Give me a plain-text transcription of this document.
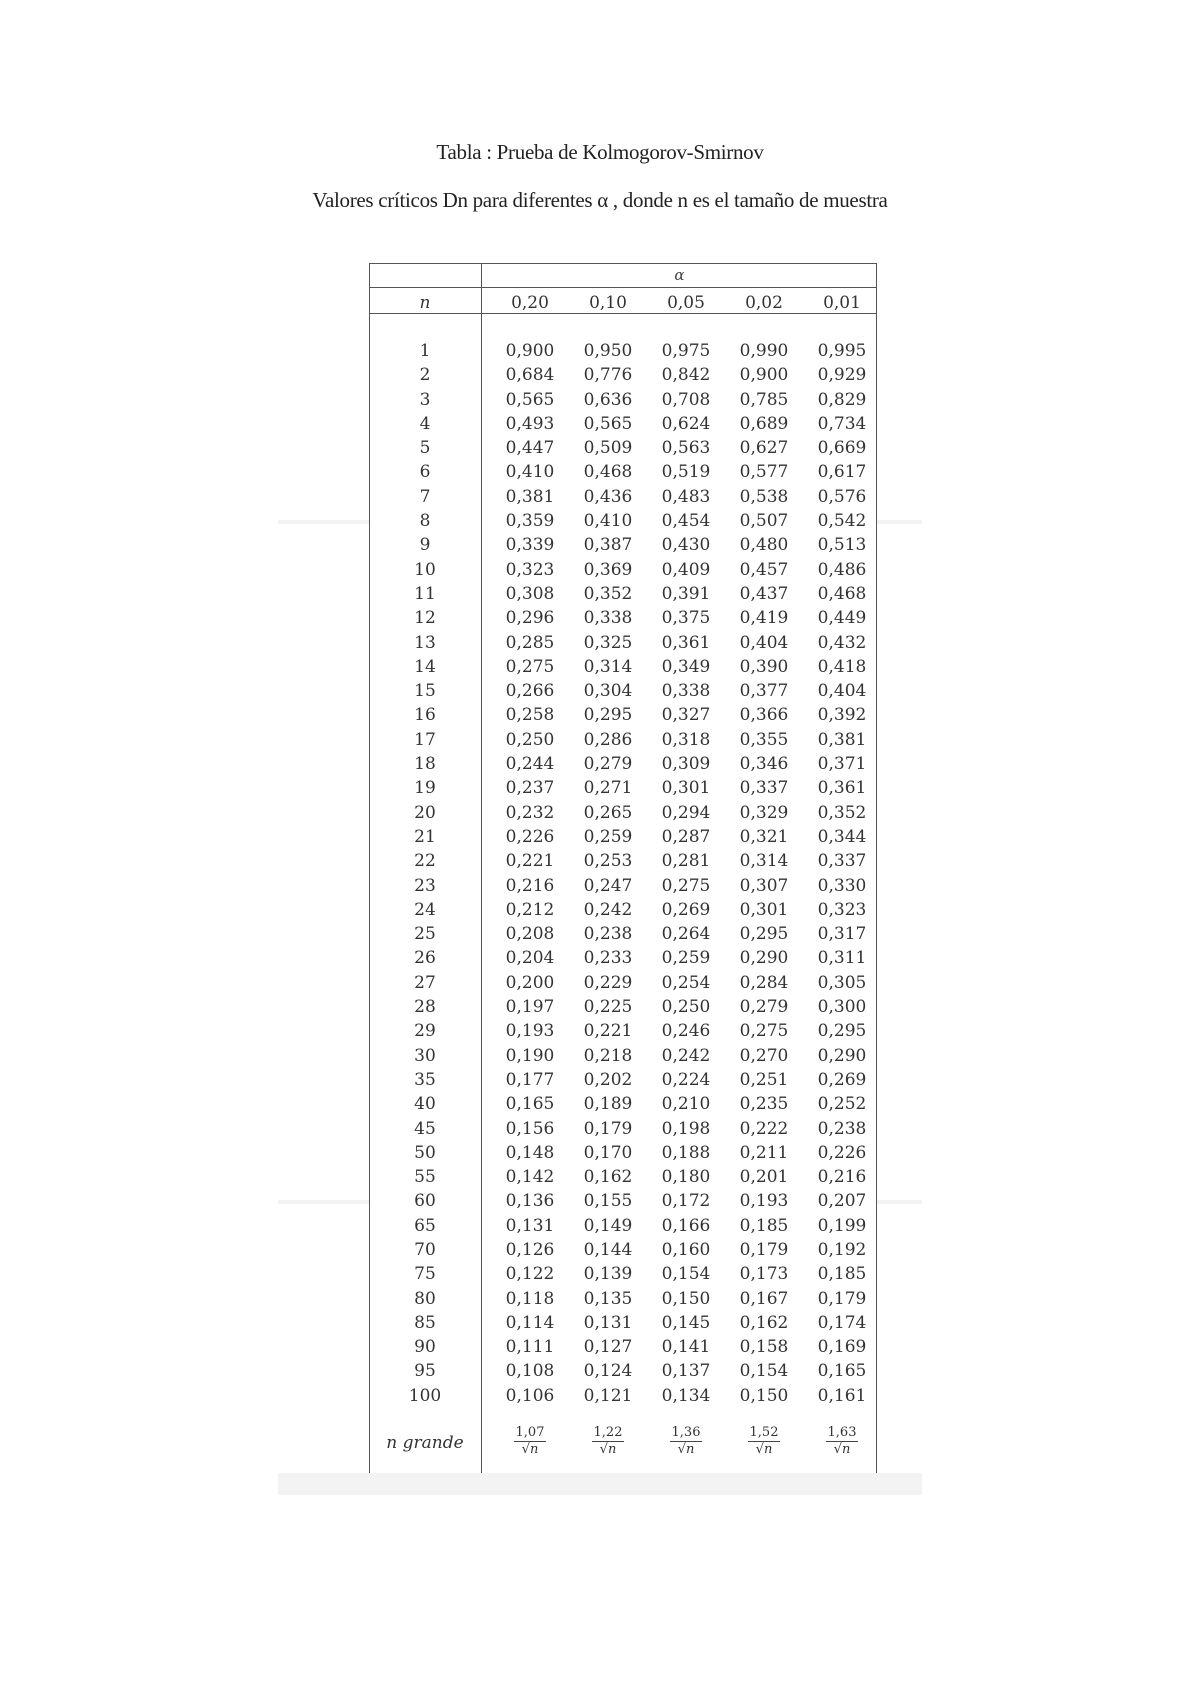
Tabla : Prueba de Kolmogorov-Smirnov
Valores críticos Dn para diferentes α , donde n es el tamaño de muestra
α
n	0,20	0,10	0,05	0,02	0,01
1	0,900	0,950	0,975	0,990	0,995
2	0,684	0,776	0,842	0,900	0,929
3	0,565	0,636	0,708	0,785	0,829
4	0,493	0,565	0,624	0,689	0,734
5	0,447	0,509	0,563	0,627	0,669
6	0,410	0,468	0,519	0,577	0,617
7	0,381	0,436	0,483	0,538	0,576
8	0,359	0,410	0,454	0,507	0,542
9	0,339	0,387	0,430	0,480	0,513
10	0,323	0,369	0,409	0,457	0,486
11	0,308	0,352	0,391	0,437	0,468
12	0,296	0,338	0,375	0,419	0,449
13	0,285	0,325	0,361	0,404	0,432
14	0,275	0,314	0,349	0,390	0,418
15	0,266	0,304	0,338	0,377	0,404
16	0,258	0,295	0,327	0,366	0,392
17	0,250	0,286	0,318	0,355	0,381
18	0,244	0,279	0,309	0,346	0,371
19	0,237	0,271	0,301	0,337	0,361
20	0,232	0,265	0,294	0,329	0,352
21	0,226	0,259	0,287	0,321	0,344
22	0,221	0,253	0,281	0,314	0,337
23	0,216	0,247	0,275	0,307	0,330
24	0,212	0,242	0,269	0,301	0,323
25	0,208	0,238	0,264	0,295	0,317
26	0,204	0,233	0,259	0,290	0,311
27	0,200	0,229	0,254	0,284	0,305
28	0,197	0,225	0,250	0,279	0,300
29	0,193	0,221	0,246	0,275	0,295
30	0,190	0,218	0,242	0,270	0,290
35	0,177	0,202	0,224	0,251	0,269
40	0,165	0,189	0,210	0,235	0,252
45	0,156	0,179	0,198	0,222	0,238
50	0,148	0,170	0,188	0,211	0,226
55	0,142	0,162	0,180	0,201	0,216
60	0,136	0,155	0,172	0,193	0,207
65	0,131	0,149	0,166	0,185	0,199
70	0,126	0,144	0,160	0,179	0,192
75	0,122	0,139	0,154	0,173	0,185
80	0,118	0,135	0,150	0,167	0,179
85	0,114	0,131	0,145	0,162	0,174
90	0,111	0,127	0,141	0,158	0,169
95	0,108	0,124	0,137	0,154	0,165
100	0,106	0,121	0,134	0,150	0,161
n grande	$\frac{1,07}{√n} \frac{1,22}{√n} \frac{1,36}{√n} \frac{1,52}{√n} \frac{1,63}{√n}$
